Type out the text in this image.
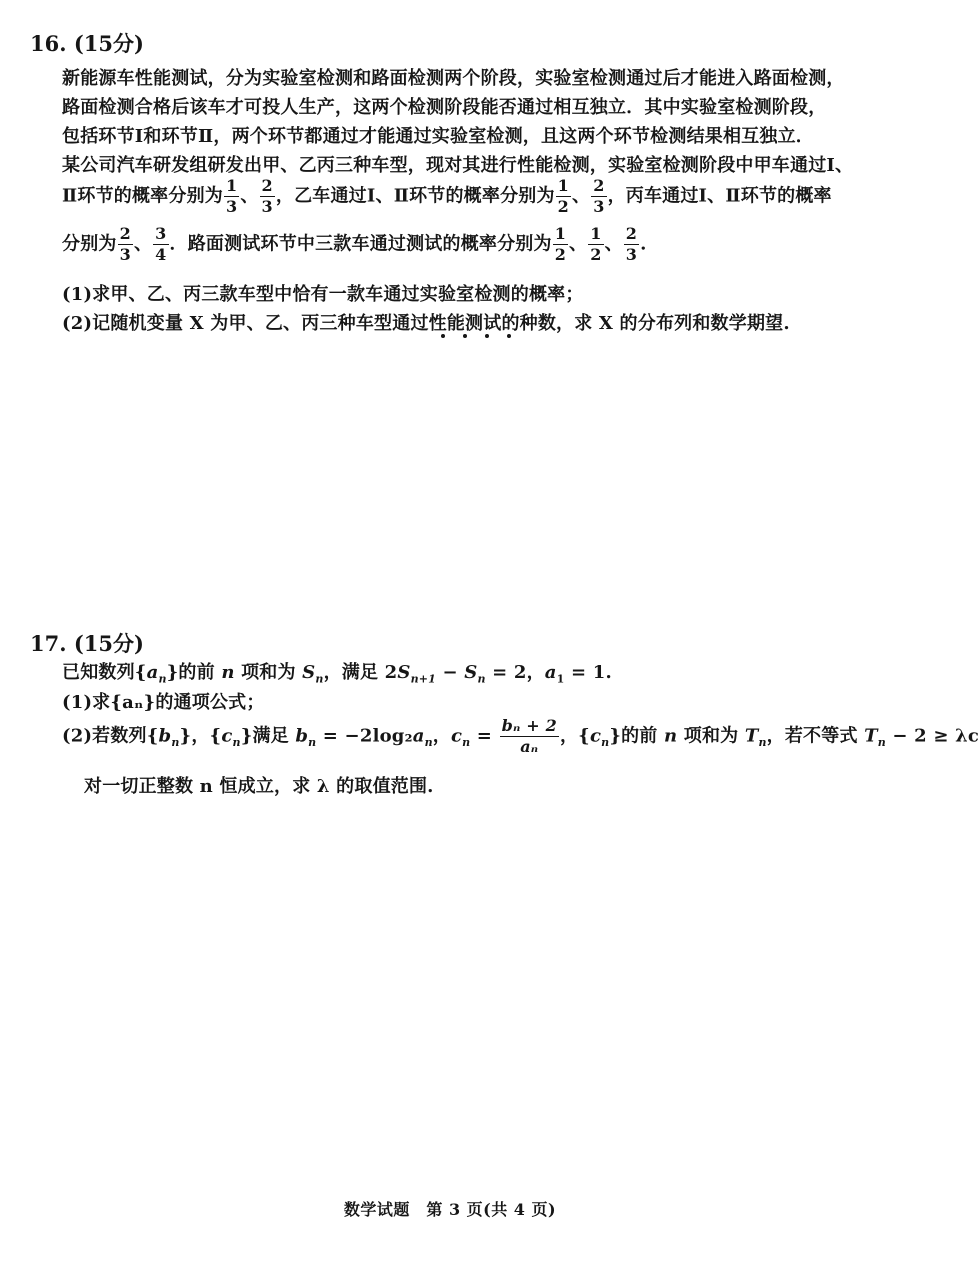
16. (15分)
新能源车性能测试，分为实验室检测和路面检测两个阶段，实验室检测通过后才能进入路面检测，
路面检测合格后该车才可投人生产，这两个检测阶段能否通过相互独立．其中实验室检测阶段，
包括环节Ⅰ和环节Ⅱ，两个环节都通过才能通过实验室检测，且这两个环节检测结果相互独立．
某公司汽车研发组研发出甲、乙丙三种车型，现对其进行性能检测，实验室检测阶段中甲车通过Ⅰ、
Ⅱ环节的概率分别为 $\frac{1}{3}$ 、 $\frac{2}{3}$ ，乙车通过Ⅰ、Ⅱ环节的概率分别为 $\frac{1}{2}$ 、 $\frac{2}{3}$ ，丙车通过Ⅰ、Ⅱ环节的概率
分别为 $\frac{2}{3}$ 、 $\frac{3}{4}$ ．路面测试环节中三款车通过测试的概率分别为 $\frac{1}{2}$ 、 $\frac{1}{2}$ 、 $\frac{2}{3}$ .
(1)求甲、乙、丙三款车型中恰有一款车通过实验室检测的概率；
(2)记随机变量 X 为甲、乙、丙三种车型通过性能测试的种数，求 X 的分布列和数学期望.
17. (15分)
已知数列$\{a_n\}$的前 n 项和为 $S_n$，满足 $2S_{n+1} - S_n = 2$，$a_1 = 1$.
(1)求{aₙ}的通项公式；
(2)若数列$\{b_n\}$，$\{c_n\}$满足 $b_n = -2\log_2a_n$，$c_n = \frac{\text{bₙ + 2}}{\text{aₙ}}$ ，$\{c_n\}$的前 n 项和为 $T_n$，若不等式 $T_n - 2 \ge \lambda c$
对一切正整数 n 恒成立，求 λ 的取值范围.
数学试题　第 3 页(共 4 页)
